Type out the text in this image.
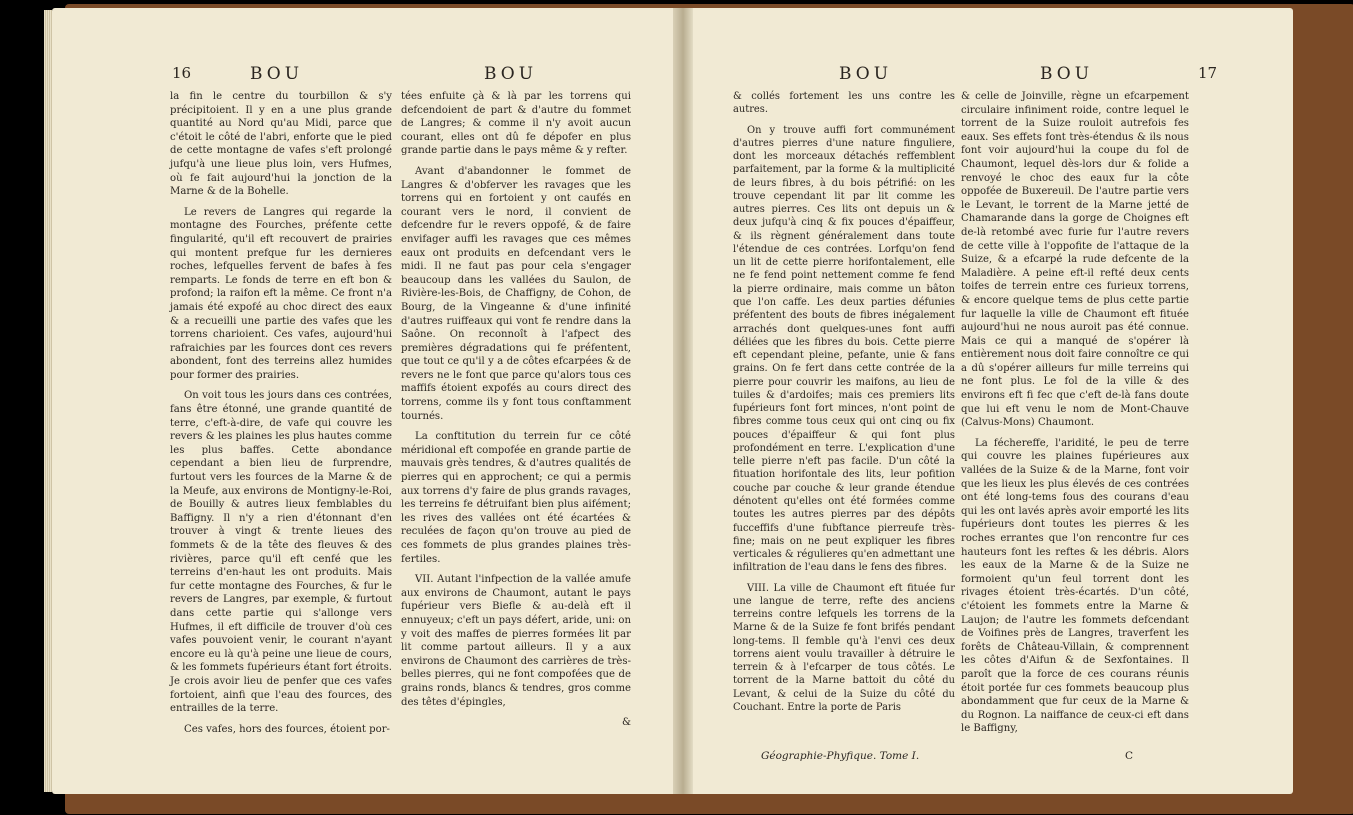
16	BOU	BOU

la fin le centre du tourbillon & s'y précipitoient. Il y en a une plus grande quantité au Nord qu'au Midi, parce que c'étoit le côté de l'abri, enforte que le pied de cette montagne de vafes s'eft prolongé jufqu'à une lieue plus loin, vers Hufmes, où fe fait aujourd'hui la jonction de la Marne & de la Bohelle.

Le revers de Langres qui regarde la montagne des Fourches, préfente cette fingularité, qu'il eft recouvert de prairies qui montent prefque fur les dernieres roches, lefquelles fervent de bafes à fes remparts. Le fonds de terre en eft bon & profond; la raifon eft la même. Ce front n'a jamais été expofé au choc direct des eaux & a recueilli une partie des vafes que les torrens charioient. Ces vafes, aujourd'hui rafraichies par les fources dont ces revers abondent, font des terreins allez humides pour former des prairies.

On voit tous les jours dans ces contrées, fans être étonné, une grande quantité de terre, c'eft-à-dire, de vafe qui couvre les revers & les plaines les plus hautes comme les plus baffes. Cette abondance cependant a bien lieu de furprendre, furtout vers les fources de la Marne & de la Meufe, aux environs de Montigny-le-Roi, de Bouilly & autres lieux femblables du Baffigny. Il n'y a rien d'étonnant d'en trouver à vingt & trente lieues des fommets & de la tête des fleuves & des rivières, parce qu'il eft cenfé que les terreins d'en-haut les ont produits. Mais fur cette montagne des Fourches, & fur le revers de Langres, par exemple, & furtout dans cette partie qui s'allonge vers Hufmes, il eft difficile de trouver d'où ces vafes pouvoient venir, le courant n'ayant encore eu là qu'à peine une lieue de cours, & les fommets fupérieurs étant fort étroits. Je crois avoir lieu de penfer que ces vafes fortoient, ainfi que l'eau des fources, des entrailles de la terre.

Ces vafes, hors des fources, étoient por-

tées enfuite çà & là par les torrens qui defcendoient de part & d'autre du fommet de Langres; & comme il n'y avoit aucun courant, elles ont dû fe dépofer en plus grande partie dans le pays même & y refter.

Avant d'abandonner le fommet de Langres & d'obferver les ravages que les torrens qui en fortoient y ont caufés en courant vers le nord, il convient de defcendre fur le revers oppofé, & de faire envifager auffi les ravages que ces mêmes eaux ont produits en defcendant vers le midi. Il ne faut pas pour cela s'engager beaucoup dans les vallées du Saulon, de Rivière-les-Bois, de Chaffigny, de Cohon, de Bourg, de la Vingeanne & d'une infinité d'autres ruiffeaux qui vont fe rendre dans la Saône. On reconnoît à l'afpect des premières dégradations qui fe préfentent, que tout ce qu'il y a de côtes efcarpées & de revers ne le font que parce qu'alors tous ces maffifs étoient expofés au cours direct des torrens, comme ils y font tous conftamment tournés.

La conftitution du terrein fur ce côté méridional eft compofée en grande partie de mauvais grès tendres, & d'autres qualités de pierres qui en approchent; ce qui a permis aux torrens d'y faire de plus grands ravages, les terreins fe détruifant bien plus aifément; les rives des vallées ont été écartées & reculées de façon qu'on trouve au pied de ces fommets de plus grandes plaines très-fertiles.

VII. Autant l'infpection de la vallée amufe aux environs de Chaumont, autant le pays fupérieur vers Biefle & au-delà eft il ennuyeux; c'eft un pays défert, aride, uni: on y voit des maffes de pierres formées lit par lit comme partout ailleurs. Il y a aux environs de Chaumont des carrières de très-belles pierres, qui ne font compofées que de grains ronds, blancs & tendres, gros comme des têtes d'épingles,

&

BOU	BOU	17

& collés fortement les uns contre les autres.

On y trouve auffi fort communément d'autres pierres d'une nature finguliere, dont les morceaux détachés reffemblent parfaitement, par la forme & la multiplicité de leurs fibres, à du bois pétrifié: on les trouve cependant lit par lit comme les autres pierres. Ces lits ont depuis un & deux jufqu'à cinq & fix pouces d'épaiffeur, & ils règnent généralement dans toute l'étendue de ces contrées. Lorfqu'on fend un lit de cette pierre horifontalement, elle ne fe fend point nettement comme fe fend la pierre ordinaire, mais comme un bâton que l'on caffe. Les deux parties défunies préfentent des bouts de fibres inégalement arrachés dont quelques-unes font auffi déliées que les fibres du bois. Cette pierre eft cependant pleine, pefante, unie & fans grains. On fe fert dans cette contrée de la pierre pour couvrir les maifons, au lieu de tuiles & d'ardoifes; mais ces premiers lits fupérieurs font fort minces, n'ont point de fibres comme tous ceux qui ont cinq ou fix pouces d'épaiffeur & qui font plus profondément en terre. L'explication d'une telle pierre n'eft pas facile. D'un côté la fituation horifontale des lits, leur pofition couche par couche & leur grande étendue dénotent qu'elles ont été formées comme toutes les autres pierres par des dépôts fucceffifs d'une fubftance pierreufe très-fine; mais on ne peut expliquer les fibres verticales & régulieres qu'en admettant une infiltration de l'eau dans le fens des fibres.

VIII. La ville de Chaumont eft fituée fur une langue de terre, refte des anciens terreins contre lefquels les torrens de la Marne & de la Suize fe font brifés pendant long-tems. Il femble qu'à l'envi ces deux torrens aient voulu travailler à détruire le terrein & à l'efcarper de tous côtés. Le torrent de la Marne battoit du côté du Levant, & celui de la Suize du côté du Couchant. Entre la porte de Paris

& celle de Joinville, règne un efcarpement circulaire infiniment roide, contre lequel le torrent de la Suize rouloit autrefois fes eaux. Ses effets font très-étendus & ils nous font voir aujourd'hui la coupe du fol de Chaumont, lequel dès-lors dur & folide a renvoyé le choc des eaux fur la côte oppofée de Buxereuil. De l'autre partie vers le Levant, le torrent de la Marne jetté de Chamarande dans la gorge de Choignes eft de-là retombé avec furie fur l'autre revers de cette ville à l'oppofite de l'attaque de la Suize, & a efcarpé la rude defcente de la Maladière. A peine eft-il refté deux cents toifes de terrein entre ces furieux torrens, & encore quelque tems de plus cette partie fur laquelle la ville de Chaumont eft fituée aujourd'hui ne nous auroit pas été connue. Mais ce qui a manqué de s'opérer là entièrement nous doit faire connoître ce qui a dû s'opérer ailleurs fur mille terreins qui ne font plus. Le fol de la ville & des environs eft fi fec que c'eft de-là fans doute que lui eft venu le nom de Mont-Chauve (Calvus-Mons) Chaumont.

La féchereffe, l'aridité, le peu de terre qui couvre les plaines fupérieures aux vallées de la Suize & de la Marne, font voir que les lieux les plus élevés de ces contrées ont été long-tems fous des courans d'eau qui les ont lavés après avoir emporté les lits fupérieurs dont toutes les pierres & les roches errantes que l'on rencontre fur ces hauteurs font les reftes & les débris. Alors les eaux de la Marne & de la Suize ne formoient qu'un feul torrent dont les rivages étoient très-écartés. D'un côté, c'étoient les fommets entre la Marne & Laujon; de l'autre les fommets defcendant de Voifines près de Langres, traverfent les forêts de Château-Villain, & comprennent les côtes d'Aifun & de Sexfontaines. Il paroît que la force de ces courans réunis étoit portée fur ces fommets beaucoup plus abondamment que fur ceux de la Marne & du Rognon. La naiffance de ceux-ci eft dans le Baffigny,

Géographie-Phyfique. Tome I.	C
